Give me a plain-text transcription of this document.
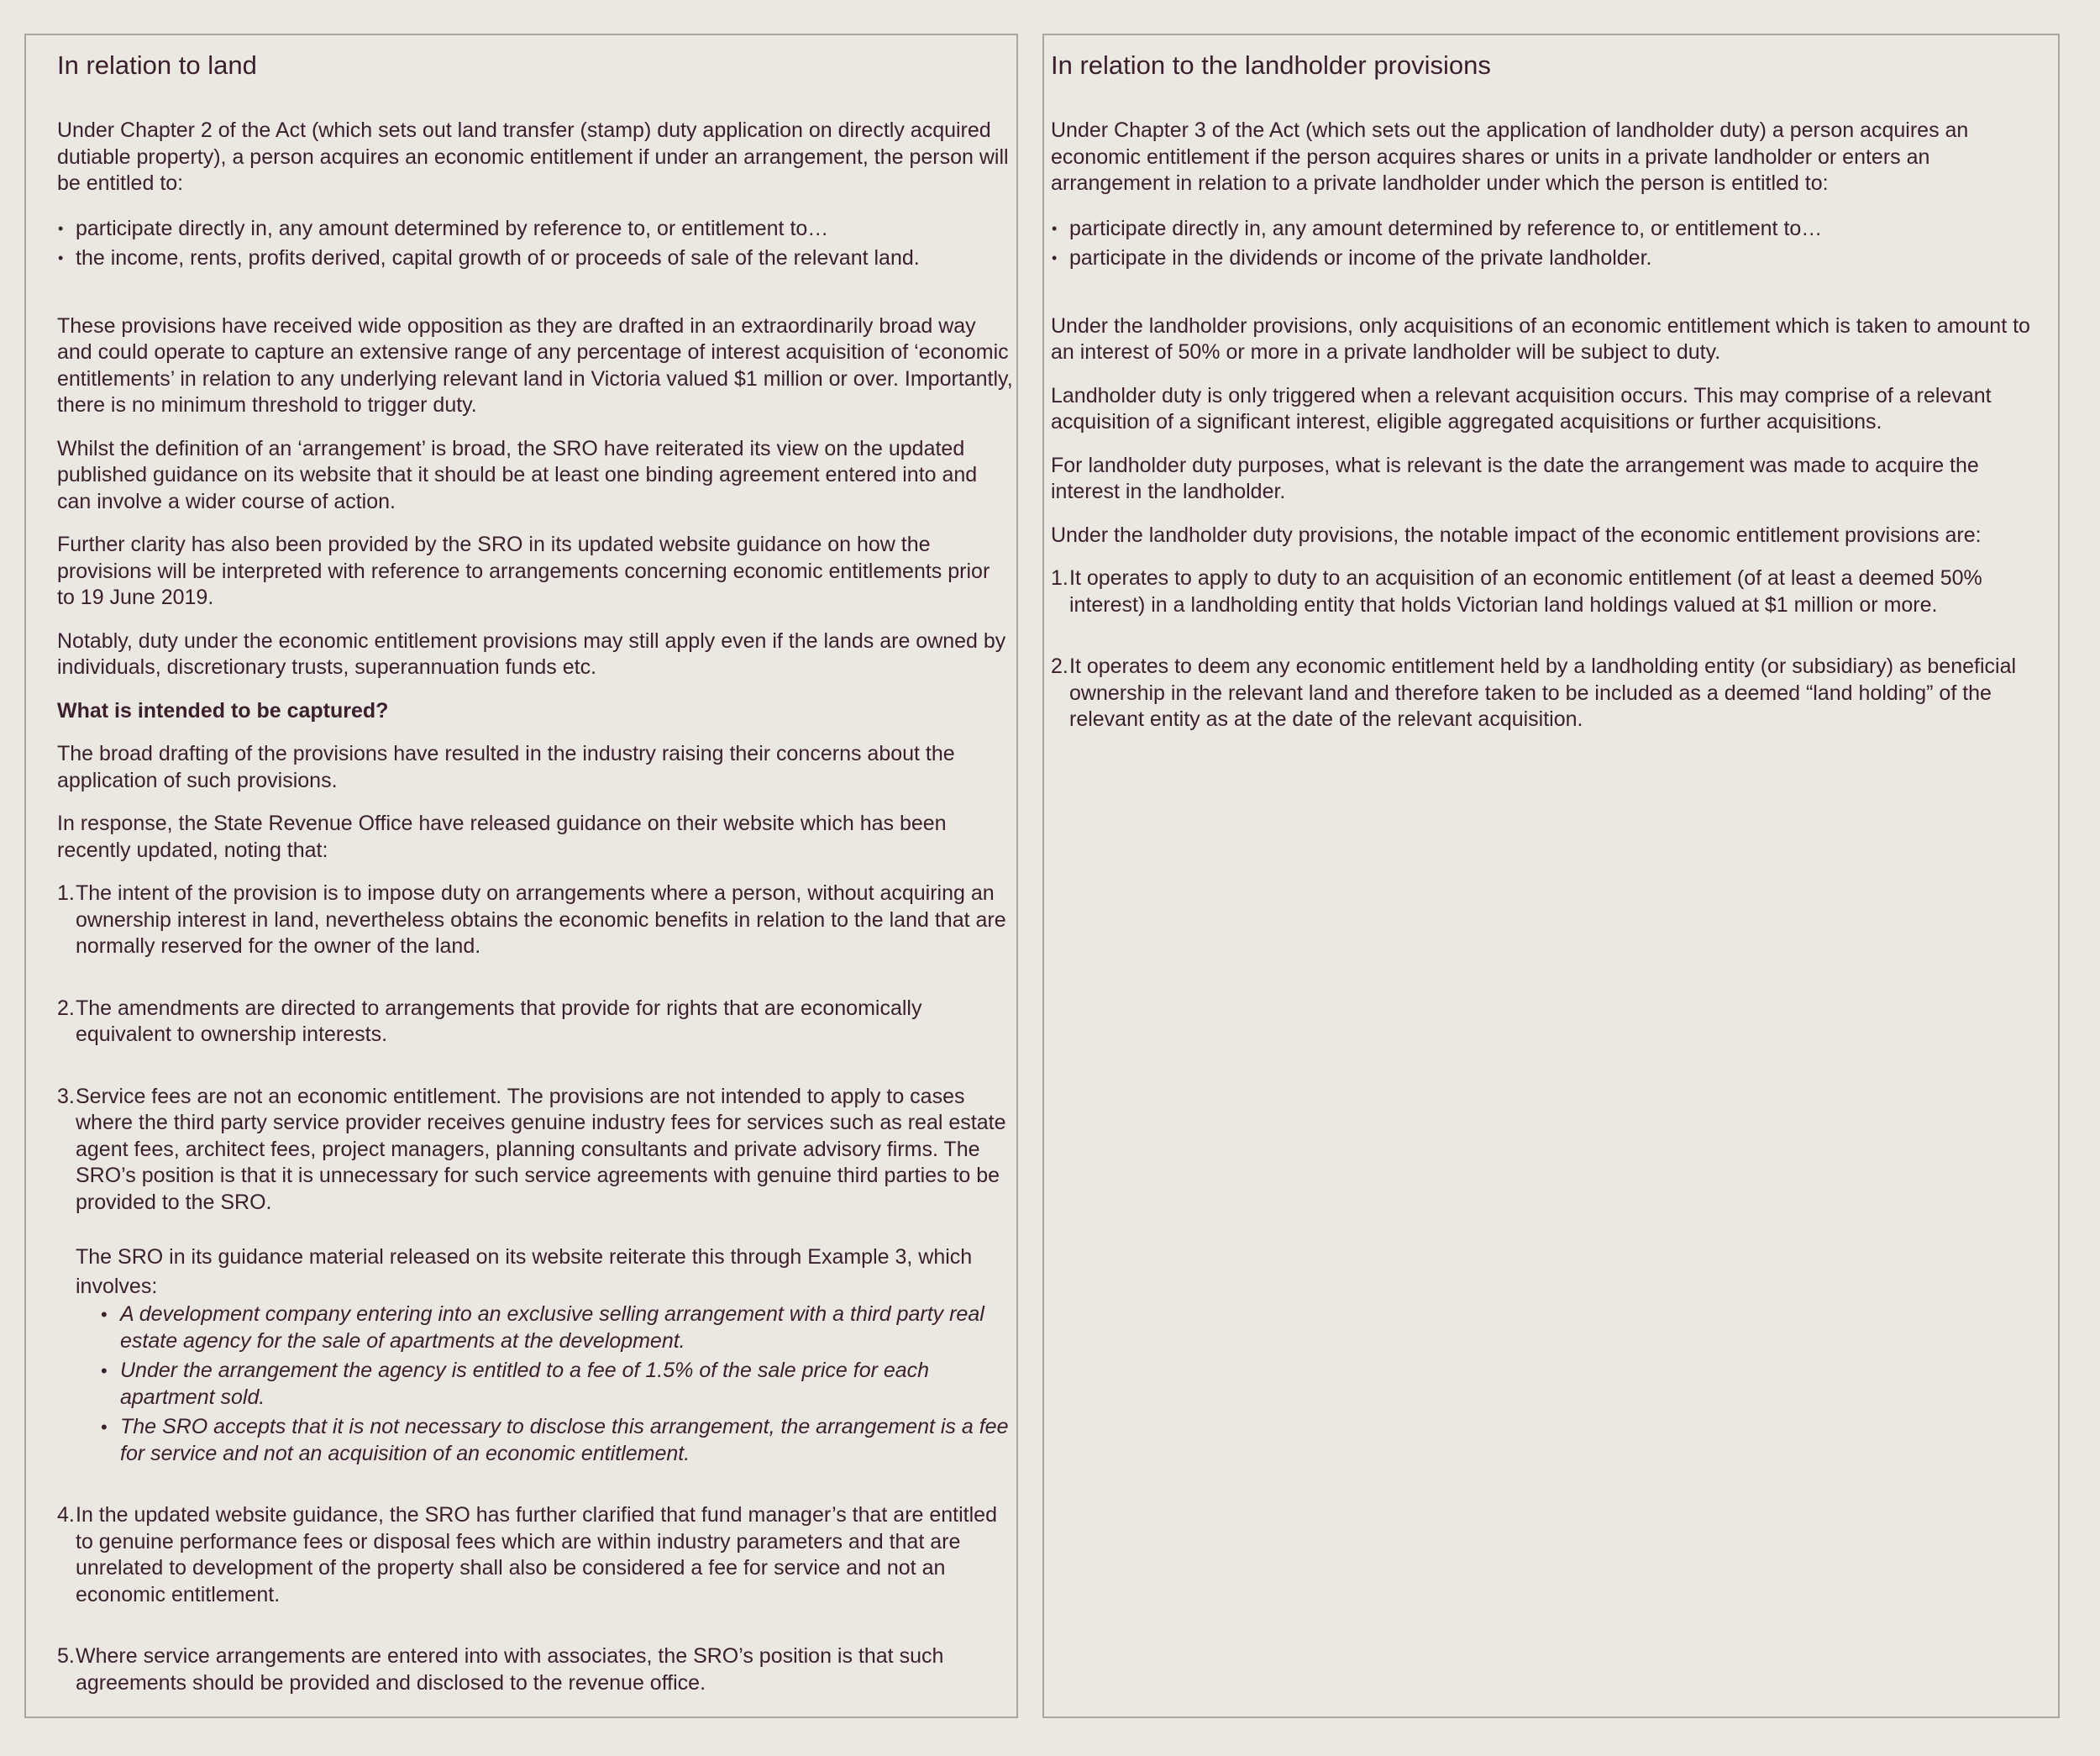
In relation to land

Under Chapter 2 of the Act (which sets out land transfer (stamp) duty application on directly acquired dutiable property), a person acquires an economic entitlement if under an arrangement, the person will be entitled to:

• participate directly in, any amount determined by reference to, or entitlement to…
• the income, rents, profits derived, capital growth of or proceeds of sale of the relevant land.

These provisions have received wide opposition as they are drafted in an extraordinarily broad way and could operate to capture an extensive range of any percentage of interest acquisition of ‘economic entitlements’ in relation to any underlying relevant land in Victoria valued $1 million or over. Importantly, there is no minimum threshold to trigger duty.

Whilst the definition of an ‘arrangement’ is broad, the SRO have reiterated its view on the updated published guidance on its website that it should be at least one binding agreement entered into and can involve a wider course of action.

Further clarity has also been provided by the SRO in its updated website guidance on how the provisions will be interpreted with reference to arrangements concerning economic entitlements prior to 19 June 2019.

Notably, duty under the economic entitlement provisions may still apply even if the lands are owned by individuals, discretionary trusts, superannuation funds etc.

What is intended to be captured?

The broad drafting of the provisions have resulted in the industry raising their concerns about the application of such provisions.

In response, the State Revenue Office have released guidance on their website which has been recently updated, noting that:

1. The intent of the provision is to impose duty on arrangements where a person, without acquiring an ownership interest in land, nevertheless obtains the economic benefits in relation to the land that are normally reserved for the owner of the land.
2. The amendments are directed to arrangements that provide for rights that are economically equivalent to ownership interests.
3. Service fees are not an economic entitlement. The provisions are not intended to apply to cases where the third party service provider receives genuine industry fees for services such as real estate agent fees, architect fees, project managers, planning consultants and private advisory firms. The SRO’s position is that it is unnecessary for such service agreements with genuine third parties to be provided to the SRO.
The SRO in its guidance material released on its website reiterate this through Example 3, which involves:
• A development company entering into an exclusive selling arrangement with a third party real estate agency for the sale of apartments at the development.
• Under the arrangement the agency is entitled to a fee of 1.5% of the sale price for each apartment sold.
• The SRO accepts that it is not necessary to disclose this arrangement, the arrangement is a fee for service and not an acquisition of an economic entitlement.
4. In the updated website guidance, the SRO has further clarified that fund manager’s that are entitled to genuine performance fees or disposal fees which are within industry parameters and that are unrelated to development of the property shall also be considered a fee for service and not an economic entitlement.
5. Where service arrangements are entered into with associates, the SRO’s position is that such agreements should be provided and disclosed to the revenue office.
In relation to the landholder provisions

Under Chapter 3 of the Act (which sets out the application of landholder duty) a person acquires an economic entitlement if the person acquires shares or units in a private landholder or enters an arrangement in relation to a private landholder under which the person is entitled to:

• participate directly in, any amount determined by reference to, or entitlement to…
• participate in the dividends or income of the private landholder.

Under the landholder provisions, only acquisitions of an economic entitlement which is taken to amount to an interest of 50% or more in a private landholder will be subject to duty.

Landholder duty is only triggered when a relevant acquisition occurs. This may comprise of a relevant acquisition of a significant interest, eligible aggregated acquisitions or further acquisitions.

For landholder duty purposes, what is relevant is the date the arrangement was made to acquire the interest in the landholder.

Under the landholder duty provisions, the notable impact of the economic entitlement provisions are:

1. It operates to apply to duty to an acquisition of an economic entitlement (of at least a deemed 50% interest) in a landholding entity that holds Victorian land holdings valued at $1 million or more.
2. It operates to deem any economic entitlement held by a landholding entity (or subsidiary) as beneficial ownership in the relevant land and therefore taken to be included as a deemed “land holding” of the relevant entity as at the date of the relevant acquisition.
